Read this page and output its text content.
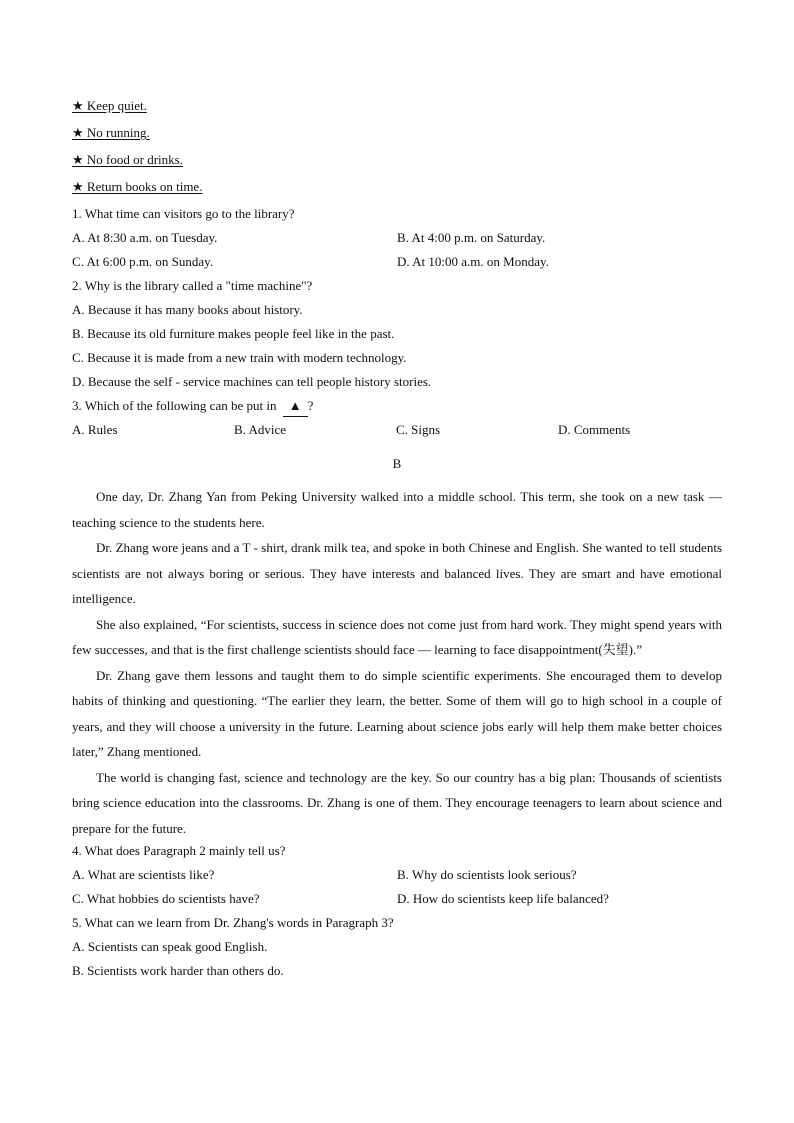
★ Keep quiet.
★ No running.
★ No food or drinks.
★ Return books on time.
1. What time can visitors go to the library?
A. At 8:30 a.m. on Tuesday.	B. At 4:00 p.m. on Saturday.
C. At 6:00 p.m. on Sunday.	D. At 10:00 a.m. on Monday.
2. Why is the library called a "time machine"?
A. Because it has many books about history.
B. Because its old furniture makes people feel like in the past.
C. Because it is made from a new train with modern technology.
D. Because the self - service machines can tell people history stories.
3. Which of the following can be put in ▲ ?
A. Rules	B. Advice	C. Signs	D. Comments
B

One day, Dr. Zhang Yan from Peking University walked into a middle school. This term, she took on a new task — teaching science to the students here.

Dr. Zhang wore jeans and a T - shirt, drank milk tea, and spoke in both Chinese and English. She wanted to tell students scientists are not always boring or serious. They have interests and balanced lives. They are smart and have emotional intelligence.

She also explained, “For scientists, success in science does not come just from hard work. They might spend years with few successes, and that is the first challenge scientists should face — learning to face disappointment(失望).”

Dr. Zhang gave them lessons and taught them to do simple scientific experiments. She encouraged them to develop habits of thinking and questioning. “The earlier they learn, the better. Some of them will go to high school in a couple of years, and they will choose a university in the future. Learning about science jobs early will help them make better choices later,” Zhang mentioned.

The world is changing fast, science and technology are the key. So our country has a big plan: Thousands of scientists bring science education into the classrooms. Dr. Zhang is one of them. They encourage teenagers to learn about science and prepare for the future.

4. What does Paragraph 2 mainly tell us?
A. What are scientists like?	B. Why do scientists look serious?
C. What hobbies do scientists have?	D. How do scientists keep life balanced?
5. What can we learn from Dr. Zhang's words in Paragraph 3?
A. Scientists can speak good English.
B. Scientists work harder than others do.
